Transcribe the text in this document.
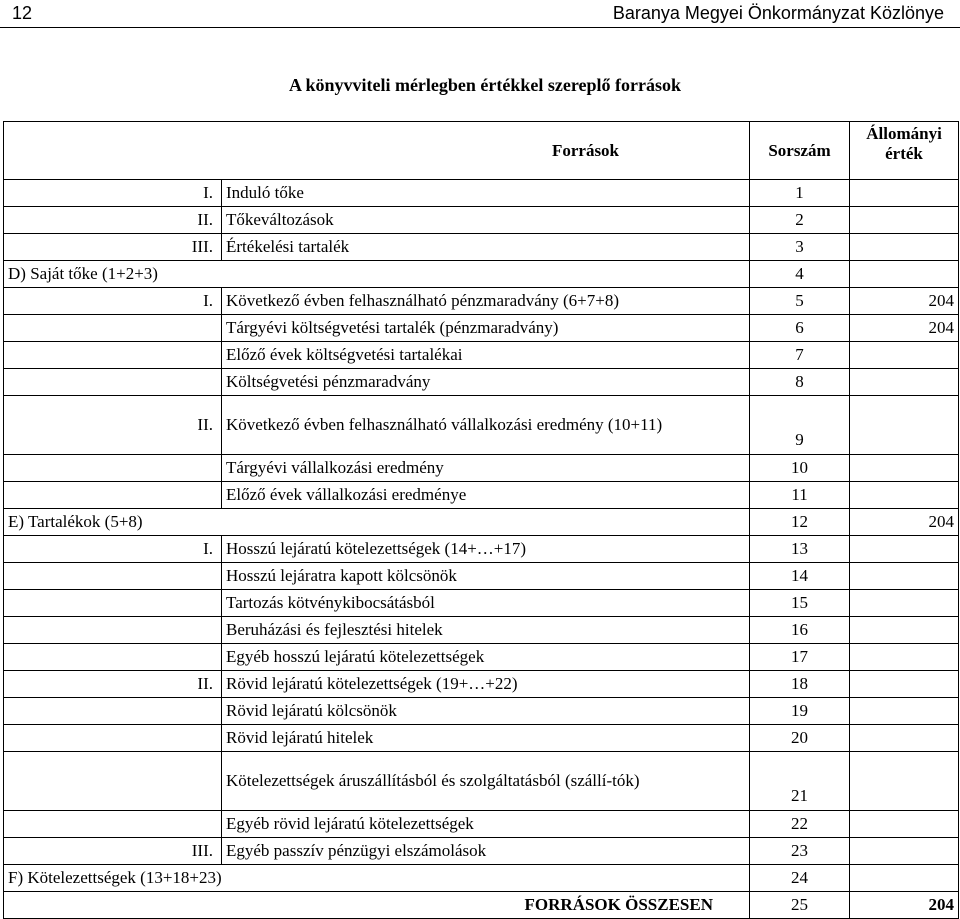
12	Baranya Megyei Önkormányzat Közlönye
A könyvviteli mérlegben értékkel szereplő források
Források		Sorszám	Állományi érték
I.	Induló tőke	1	
II.	Tőkeváltozások	2	
III.	Értékelési tartalék	3	
D) Saját tőke (1+2+3)		4	
I.	Következő évben felhasználható pénzmaradvány (6+7+8)	5	204
	Tárgyévi költségvetési tartalék (pénzmaradvány)	6	204
	Előző évek költségvetési tartalékai	7	
	Költségvetési pénzmaradvány	8	
II.	Következő évben felhasználható vállalkozási eredmény (10+11)	9	
	Tárgyévi vállalkozási eredmény	10	
	Előző évek vállalkozási eredménye	11	
E) Tartalékok (5+8)		12	204
I.	Hosszú lejáratú kötelezettségek (14+…+17)	13	
	Hosszú lejáratra kapott kölcsönök	14	
	Tartozás kötvénykibocsátásból	15	
	Beruházási és fejlesztési hitelek	16	
	Egyéb hosszú lejáratú kötelezettségek	17	
II.	Rövid lejáratú kötelezettségek (19+…+22)	18	
	Rövid lejáratú kölcsönök	19	
	Rövid lejáratú hitelek	20	
	Kötelezettségek áruszállításból és szolgáltatásból (szállí-tók)	21	
	Egyéb rövid lejáratú kötelezettségek	22	
III.	Egyéb passzív pénzügyi elszámolások	23	
F) Kötelezettségek (13+18+23)		24	
FORRÁSOK ÖSSZESEN		25	204
